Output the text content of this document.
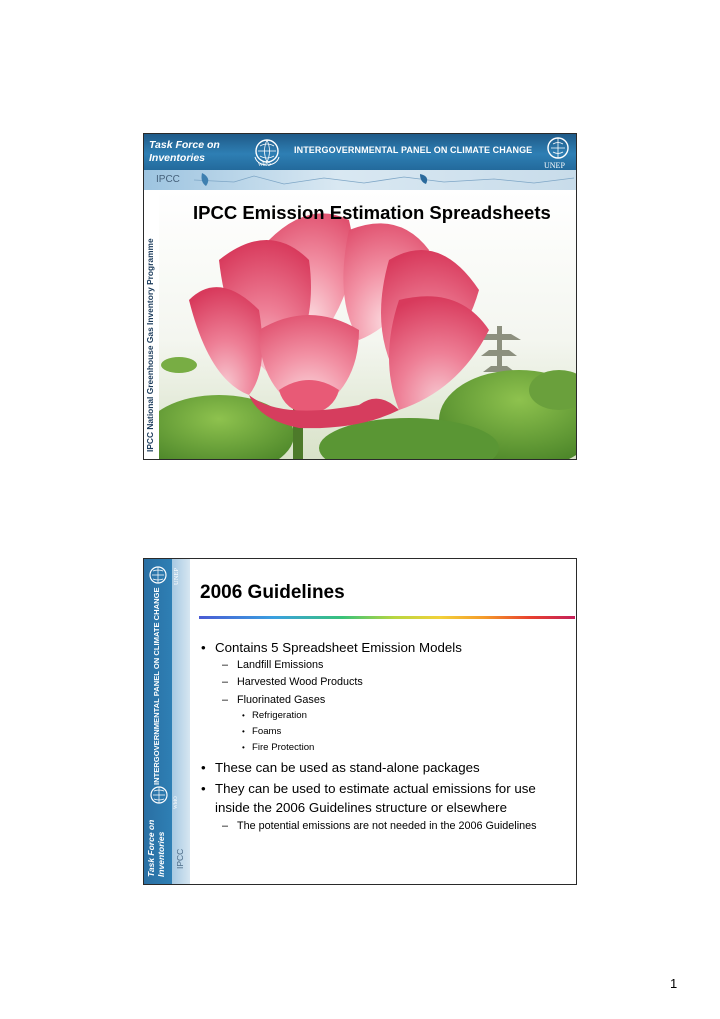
Task Force on Inventories
WMO
INTERGOVERNMENTAL PANEL ON CLIMATE CHANGE
UNEP
IPCC
IPCC National Greenhouse Gas Inventory Programme
IPCC Emission Estimation Spreadsheets
UNEP
INTERGOVERNMENTAL PANEL ON CLIMATE CHANGE
WMO
Task Force on Inventories IPCC
2006 Guidelines
• Contains 5 Spreadsheet Emission Models
– Landfill Emissions
– Harvested Wood Products
– Fluorinated Gases
• Refrigeration
• Foams
• Fire Protection
• These can be used as stand-alone packages
• They can be used to estimate actual emissions for use
inside the 2006 Guidelines structure or elsewhere
– The potential emissions are not needed in the 2006 Guidelines
1
